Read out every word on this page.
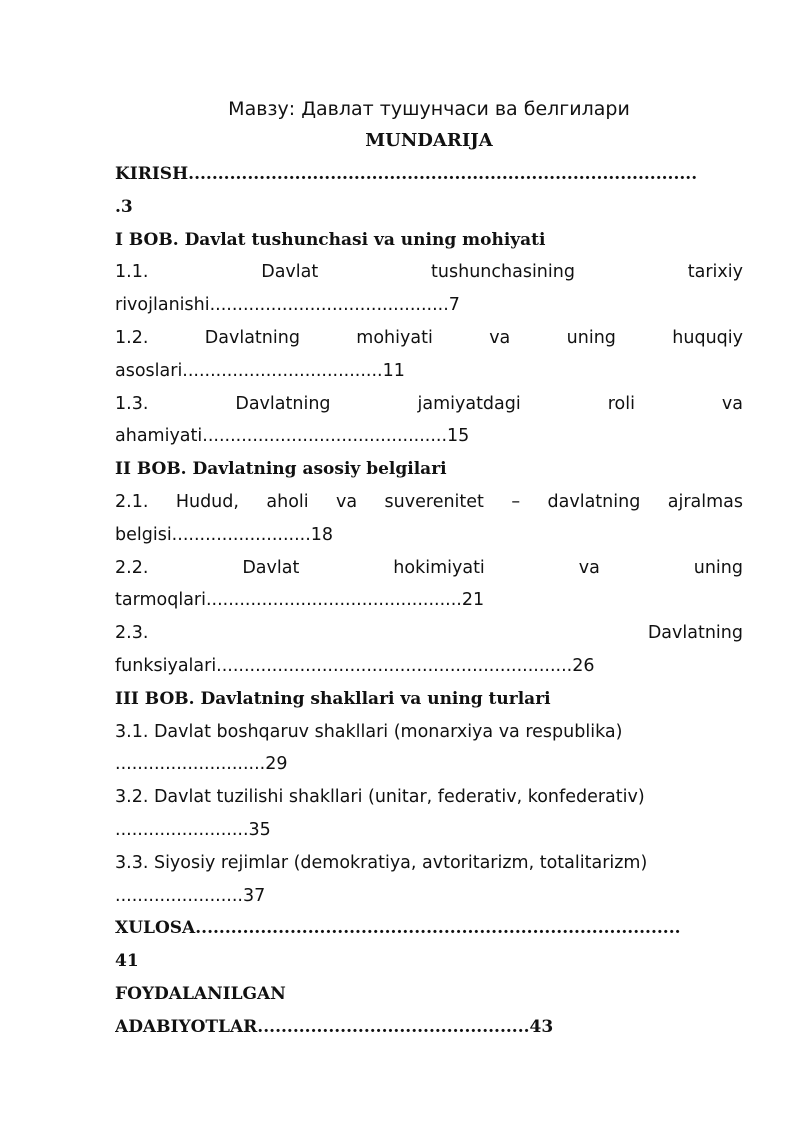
Мавзу: Давлат тушунчаси ва белгилари
MUNDARIJA
KIRISH......................................................................................
.3
I BOB. Davlat tushunchasi va uning mohiyati
1.1. Davlat tushunchasining tarixiy
rivojlanishi...........................................7
1.2. Davlatning mohiyati va uning huquqiy
asoslari....................................11
1.3. Davlatning jamiyatdagi roli va
ahamiyati............................................15
II BOB. Davlatning asosiy belgilari
2.1. Hudud, aholi va suverenitet – davlatning ajralmas
belgisi.........................18
2.2. Davlat hokimiyati va uning
tarmoqlari..............................................21
2.3. Davlatning
funksiyalari................................................................26
III BOB. Davlatning shakllari va uning turlari
3.1. Davlat boshqaruv shakllari (monarxiya va respublika)
...........................29
3.2. Davlat tuzilishi shakllari (unitar, federativ, konfederativ)
........................35
3.3. Siyosiy rejimlar (demokratiya, avtoritarizm, totalitarizm)
.......................37
XULOSA..................................................................................
41
FOYDALANILGAN
ADABIYOTLAR..............................................43
